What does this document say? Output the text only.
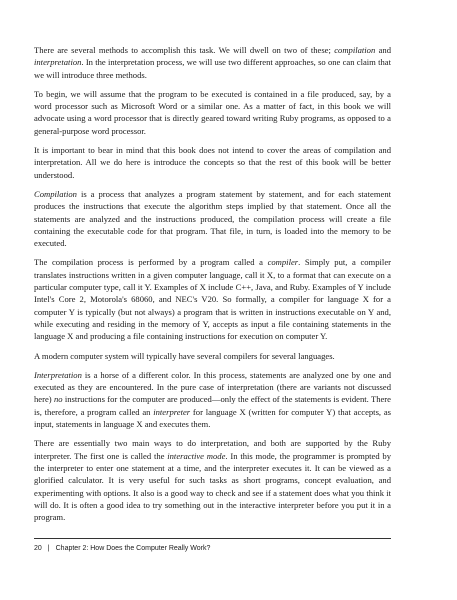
There are several methods to accomplish this task. We will dwell on two of these; compilation and interpretation. In the interpretation process, we will use two different approaches, so one can claim that we will introduce three methods.

To begin, we will assume that the program to be executed is contained in a file produced, say, by a word processor such as Microsoft Word or a similar one. As a matter of fact, in this book we will advocate using a word processor that is directly geared toward writing Ruby programs, as opposed to a general-purpose word processor.

It is important to bear in mind that this book does not intend to cover the areas of compilation and interpretation. All we do here is introduce the concepts so that the rest of this book will be better understood.

Compilation is a process that analyzes a program statement by statement, and for each statement produces the instructions that execute the algorithm steps implied by that statement. Once all the statements are analyzed and the instructions produced, the compilation process will create a file containing the executable code for that program. That file, in turn, is loaded into the memory to be executed.

The compilation process is performed by a program called a compiler. Simply put, a compiler translates instructions written in a given computer language, call it X, to a format that can execute on a particular computer type, call it Y. Examples of X include C++, Java, and Ruby. Examples of Y include Intel's Core 2, Motorola's 68060, and NEC's V20. So formally, a compiler for language X for a computer Y is typically (but not always) a program that is written in instructions executable on Y and, while executing and residing in the memory of Y, accepts as input a file containing statements in the language X and producing a file containing instructions for execution on computer Y.

A modern computer system will typically have several compilers for several languages.

Interpretation is a horse of a different color. In this process, statements are analyzed one by one and executed as they are encountered. In the pure case of interpretation (there are variants not discussed here) no instructions for the computer are produced—only the effect of the statements is evident. There is, therefore, a program called an interpreter for language X (written for computer Y) that accepts, as input, statements in language X and executes them.

There are essentially two main ways to do interpretation, and both are supported by the Ruby interpreter. The first one is called the interactive mode. In this mode, the programmer is prompted by the interpreter to enter one statement at a time, and the interpreter executes it. It can be viewed as a glorified calculator. It is very useful for such tasks as short programs, concept evaluation, and experimenting with options. It also is a good way to check and see if a statement does what you think it will do. It is often a good idea to try something out in the interactive interpreter before you put it in a program.

20 | Chapter 2: How Does the Computer Really Work?
